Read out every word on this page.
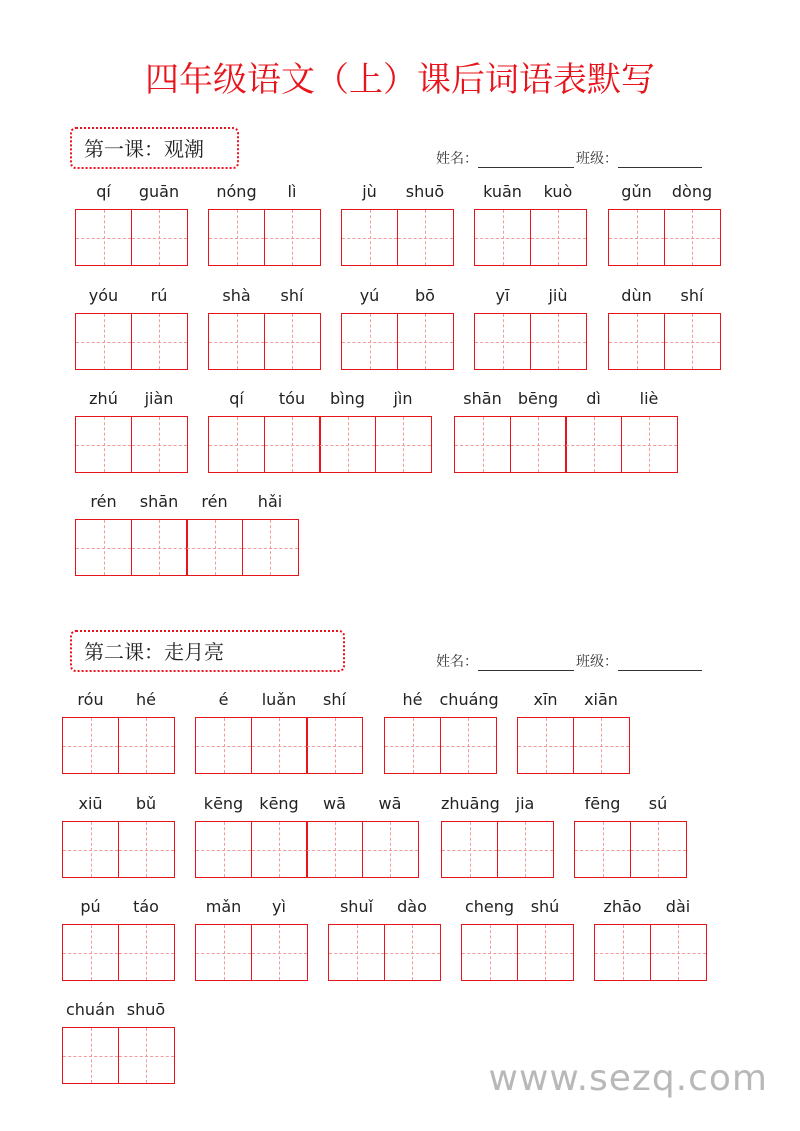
四年级语文（上）课后词语表默写
第一课：观潮	姓名：	班级：
第二课：走月亮	姓名：	班级：
www.sezq.com
qí	guān	nóng	lì	jù	shuō	kuān	kuò	gǔn	dòng
yóu	rú	shà	shí	yú	bō	yī	jiù	dùn	shí
zhú	jiàn	qí	tóu	bìng	jìn	shān	bēng	dì	liè
rén	shān	rén	hǎi
róu	hé	é	luǎn	shí	hé	chuáng	xīn	xiān
xiū	bǔ	kēng	kēng	wā	wā	zhuāng jia	fēng	sú
pú	táo	mǎn	yì	shuǐ	dào	cheng	shú	zhāo	dài
chuán shuō
